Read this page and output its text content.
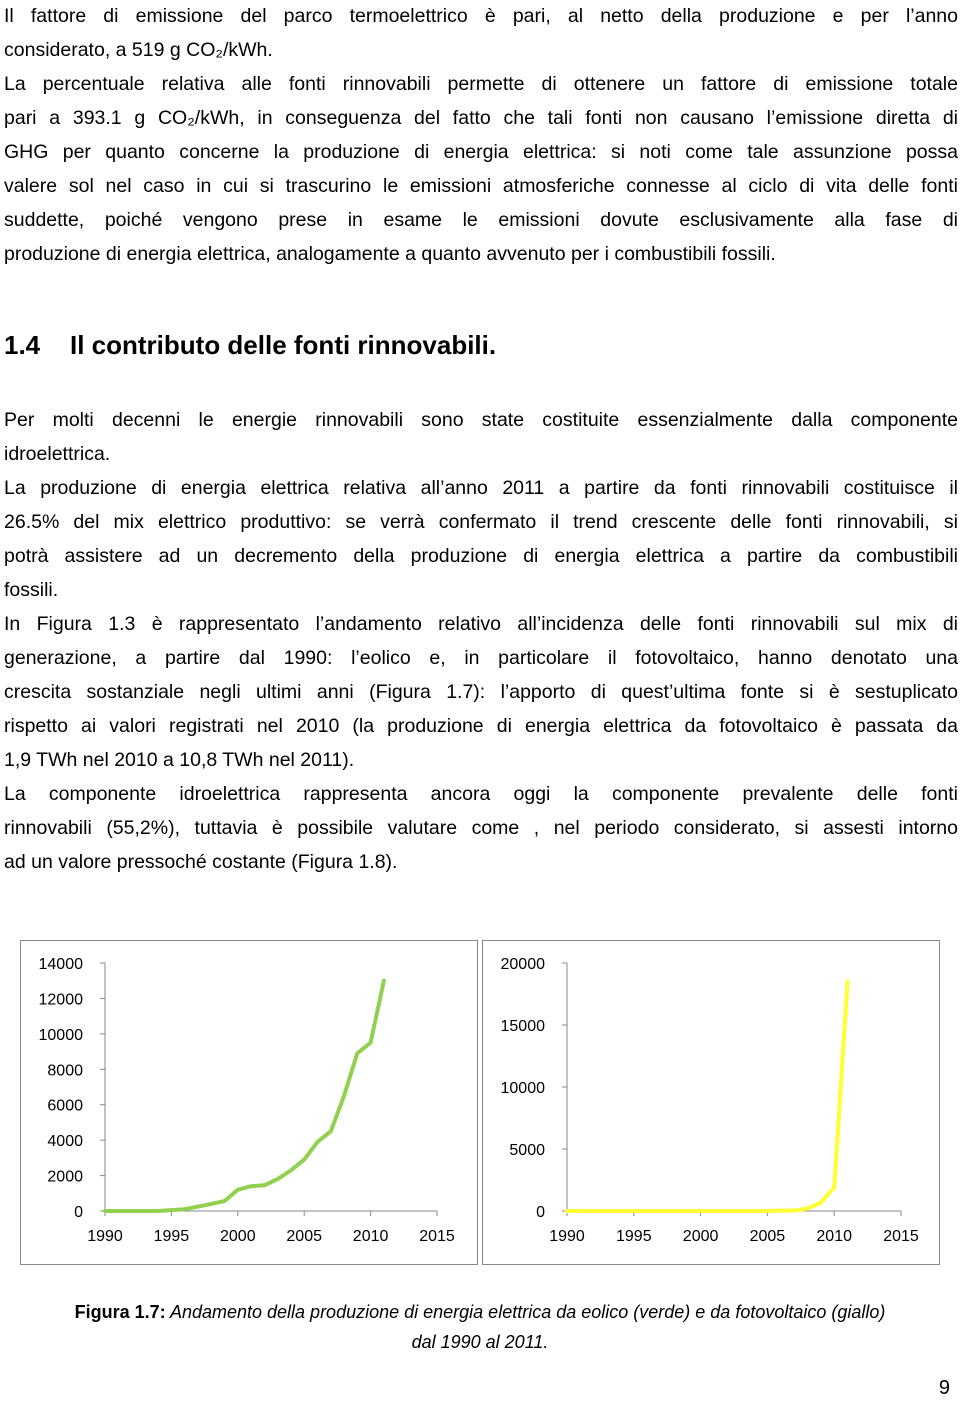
Il fattore di emissione del parco termoelettrico è pari, al netto della produzione e per l’anno

considerato, a 519 g CO₂/kWh.

La percentuale relativa alle fonti rinnovabili permette di ottenere un fattore di emissione totale

pari a 393.1 g CO₂/kWh, in conseguenza del fatto che tali fonti non causano l’emissione diretta di

GHG per quanto concerne la produzione di energia elettrica: si noti come tale assunzione possa

valere sol nel caso in cui si trascurino le emissioni atmosferiche connesse al ciclo di vita delle fonti

suddette, poiché vengono prese in esame le emissioni dovute esclusivamente alla fase di

produzione di energia elettrica, analogamente a quanto avvenuto per i combustibili fossili.

1.4 Il contributo delle fonti rinnovabili.

Per molti decenni le energie rinnovabili sono state costituite essenzialmente dalla componente

idroelettrica.

La produzione di energia elettrica relativa all’anno 2011 a partire da fonti rinnovabili costituisce il

26.5% del mix elettrico produttivo: se verrà confermato il trend crescente delle fonti rinnovabili, si

potrà assistere ad un decremento della produzione di energia elettrica a partire da combustibili

fossili.

In Figura 1.3 è rappresentato l’andamento relativo all’incidenza delle fonti rinnovabili sul mix di

generazione, a partire dal 1990: l’eolico e, in particolare il fotovoltaico, hanno denotato una

crescita sostanziale negli ultimi anni (Figura 1.7): l’apporto di quest’ultima fonte si è sestuplicato

rispetto ai valori registrati nel 2010 (la produzione di energia elettrica da fotovoltaico è passata da

1,9 TWh nel 2010 a 10,8 TWh nel 2011).

La componente idroelettrica rappresenta ancora oggi la componente prevalente delle fonti

rinnovabili (55,2%), tuttavia è possibile valutare come , nel periodo considerato, si assesti intorno

ad un valore pressoché costante (Figura 1.8).

0
2000
4000
6000
8000
10000
12000
14000
1990 1995 2000 2005 2010 2015
0
5000
10000
15000
20000
1990 1995 2000 2005 2010 2015
Figura 1.7: Andamento della produzione di energia elettrica da eolico (verde) e da fotovoltaico (giallo)
dal 1990 al 2011.
9
